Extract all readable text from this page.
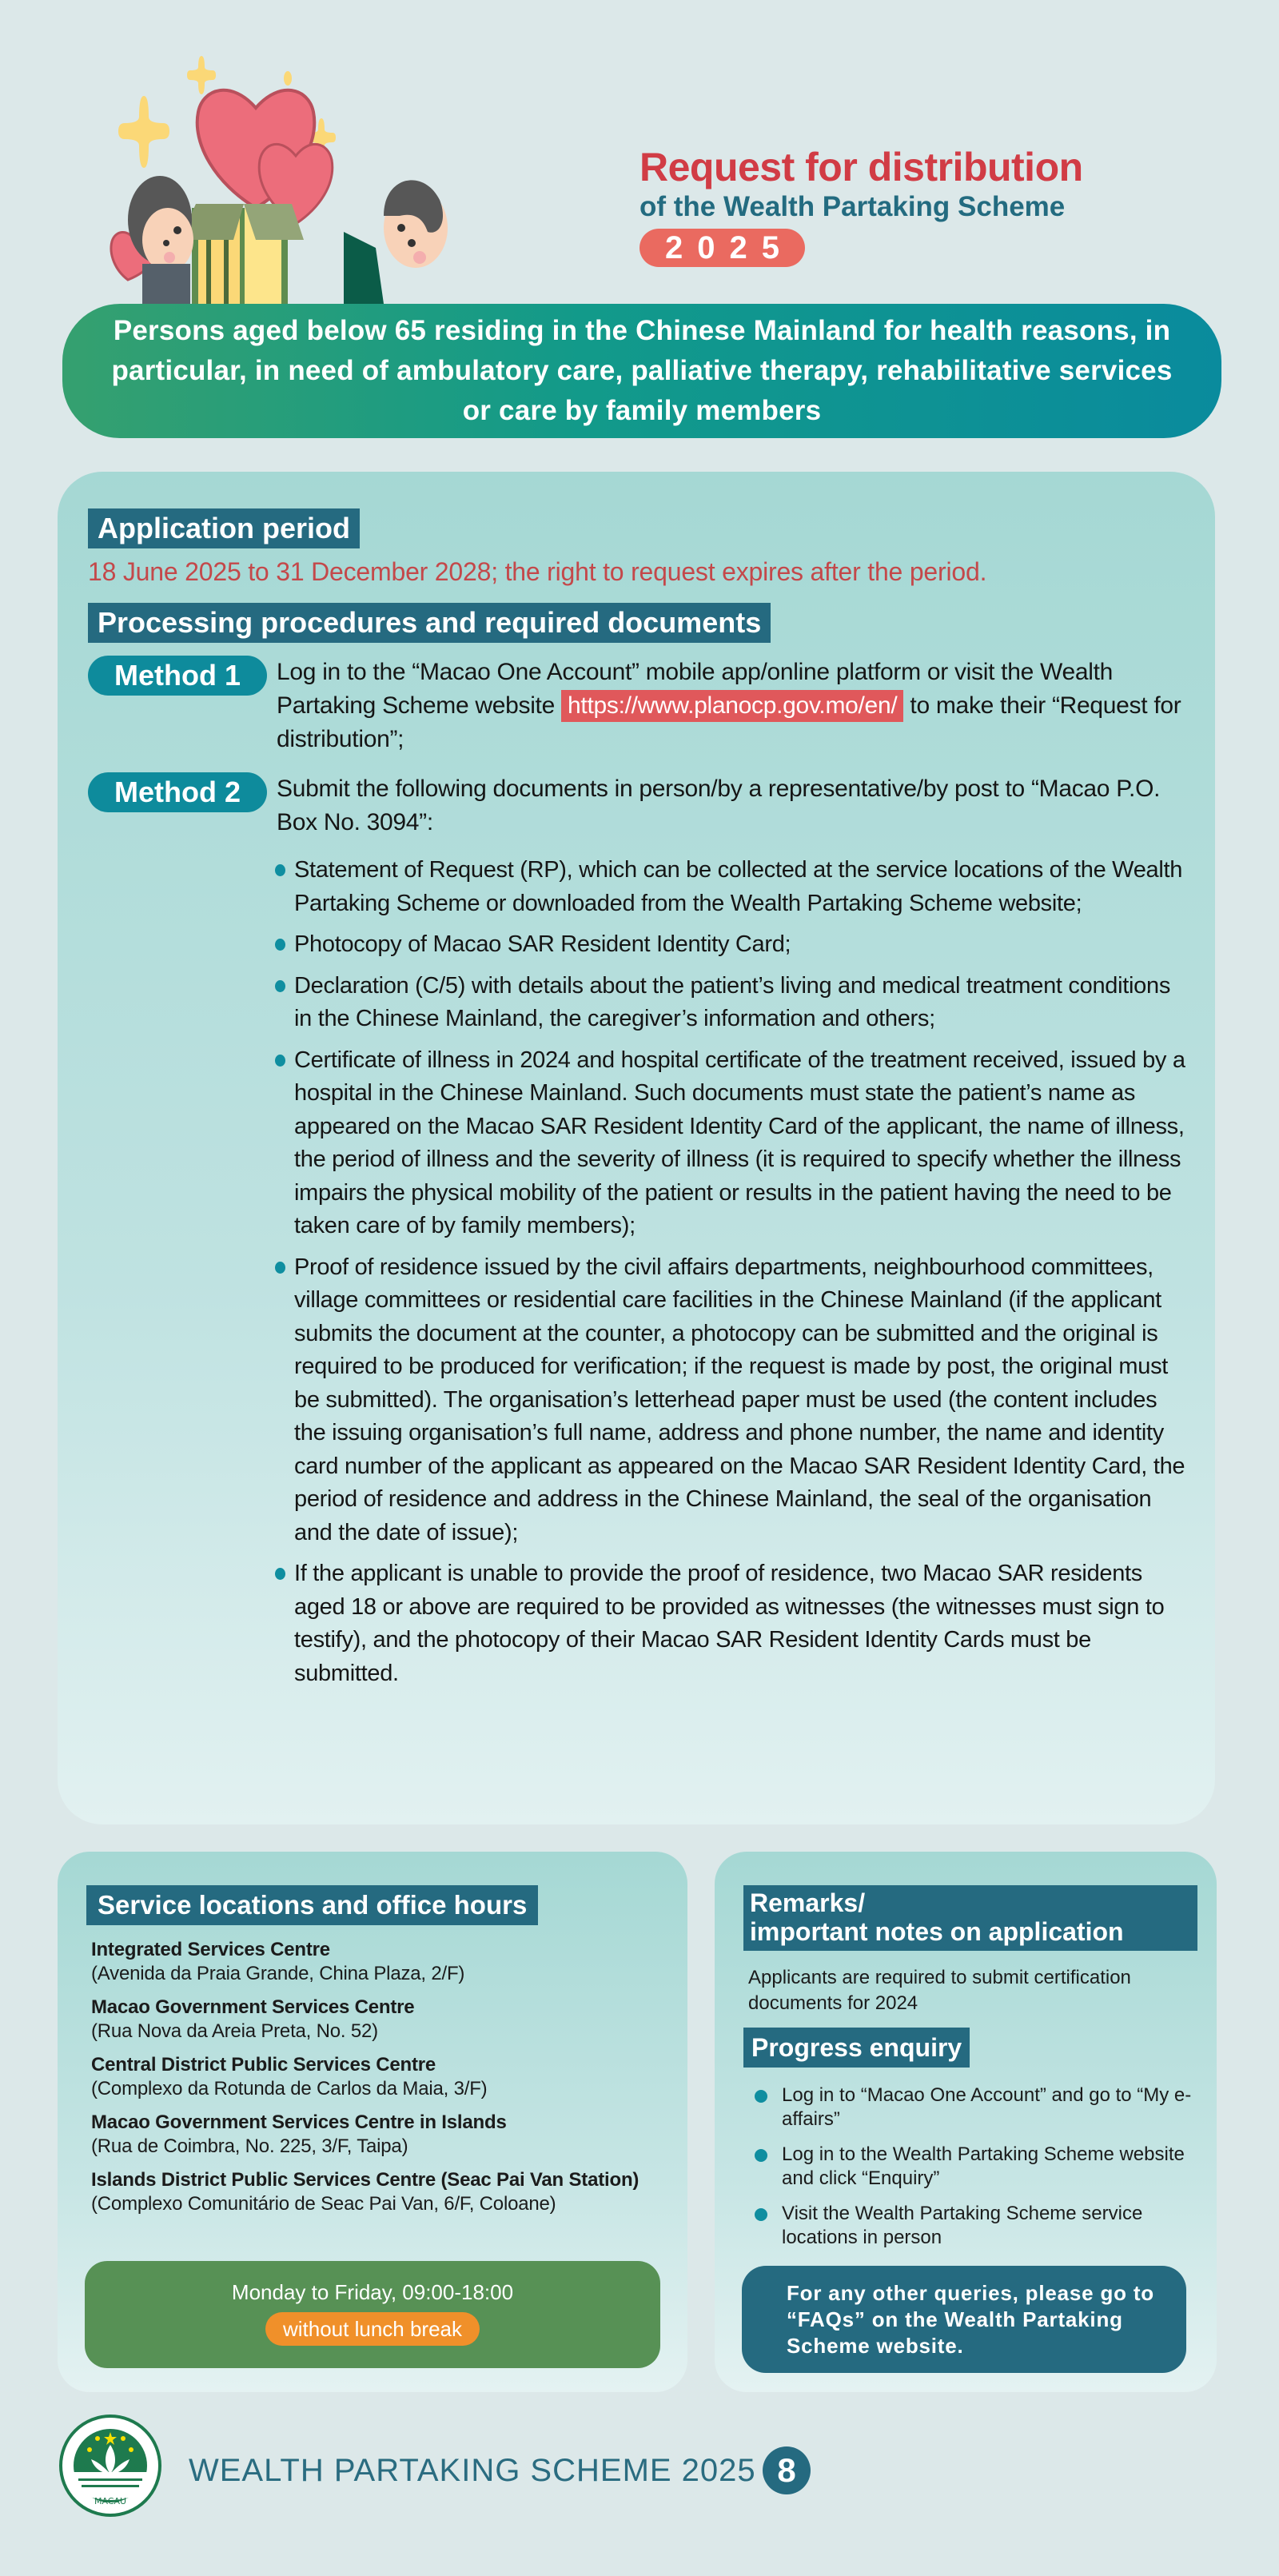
Request for distribution
of the Wealth Partaking Scheme
2025
Persons aged below 65 residing in the Chinese Mainland for health reasons, in particular, in need of ambulatory care, palliative therapy, rehabilitative services or care by family members
Application period
18 June 2025 to 31 December 2028; the right to request expires after the period.
Processing procedures and required documents
Method 1	Log in to the “Macao One Account” mobile app/online platform or visit the Wealth Partaking Scheme website https://www.planocp.gov.mo/en/ to make their “Request for distribution”;
Method 2	Submit the following documents in person/by a representative/by post to “Macao P.O. Box No. 3094”:
Statement of Request (RP), which can be collected at the service locations of the Wealth Partaking Scheme or downloaded from the Wealth Partaking Scheme website;
Photocopy of Macao SAR Resident Identity Card;
Declaration (C/5) with details about the patient’s living and medical treatment conditions in the Chinese Mainland, the caregiver’s information and others;
Certificate of illness in 2024 and hospital certificate of the treatment received, issued by a hospital in the Chinese Mainland. Such documents must state the patient’s name as appeared on the Macao SAR Resident Identity Card of the applicant, the name of illness, the period of illness and the severity of illness (it is required to specify whether the illness impairs the physical mobility of the patient or results in the patient having the need to be taken care of by family members);
Proof of residence issued by the civil affairs departments, neighbourhood committees, village committees or residential care facilities in the Chinese Mainland (if the applicant submits the document at the counter, a photocopy can be submitted and the original is required to be produced for verification; if the request is made by post, the original must be submitted). The organisation’s letterhead paper must be used (the content includes the issuing organisation’s full name, address and phone number, the name and identity card number of the applicant as appeared on the Macao SAR Resident Identity Card, the period of residence and address in the Chinese Mainland, the seal of the organisation and the date of issue);
If the applicant is unable to provide the proof of residence, two Macao SAR residents aged 18 or above are required to be provided as witnesses (the witnesses must sign to testify), and the photocopy of their Macao SAR Resident Identity Cards must be submitted.
Service locations and office hours
Integrated Services Centre
(Avenida da Praia Grande, China Plaza, 2/F)
Macao Government Services Centre
(Rua Nova da Areia Preta, No. 52)
Central District Public Services Centre
(Complexo da Rotunda de Carlos da Maia, 3/F)
Macao Government Services Centre in Islands
(Rua de Coimbra, No. 225, 3/F, Taipa)
Islands District Public Services Centre (Seac Pai Van Station)
(Complexo Comunitário de Seac Pai Van, 6/F, Coloane)
Monday to Friday, 09:00-18:00
without lunch break
Remarks/
important notes on application
Applicants are required to submit certification documents for 2024
Progress enquiry
Log in to “Macao One Account” and go to “My e-affairs”
Log in to the Wealth Partaking Scheme website and click “Enquiry”
Visit the Wealth Partaking Scheme service locations in person
For any other queries, please go to “FAQs” on the Wealth Partaking Scheme website.
MACAU
WEALTH PARTAKING SCHEME 2025 8
